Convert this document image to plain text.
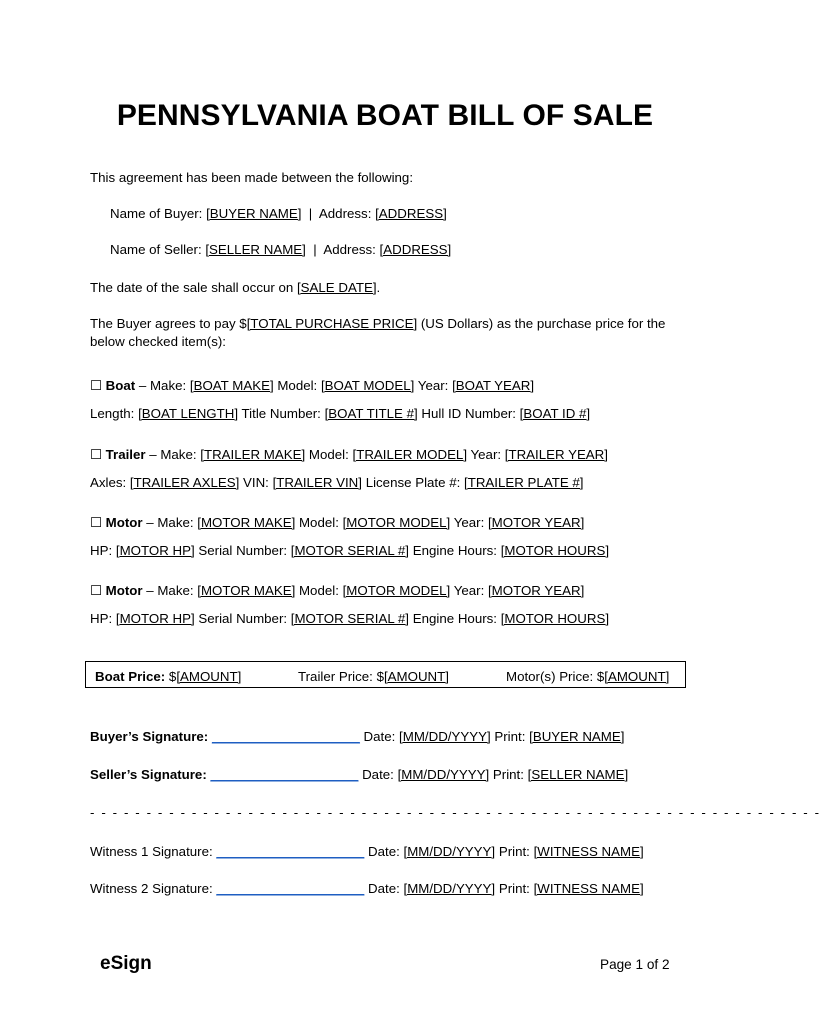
PENNSYLVANIA BOAT BILL OF SALE
This agreement has been made between the following:
Name of Buyer: [BUYER NAME] | Address: [ADDRESS]
Name of Seller: [SELLER NAME] | Address: [ADDRESS]
The date of the sale shall occur on [SALE DATE].
The Buyer agrees to pay $[TOTAL PURCHASE PRICE] (US Dollars) as the purchase price for the below checked item(s):
☐ Boat – Make: [BOAT MAKE] Model: [BOAT MODEL] Year: [BOAT YEAR]
Length: [BOAT LENGTH] Title Number: [BOAT TITLE #] Hull ID Number: [BOAT ID #]
☐ Trailer – Make: [TRAILER MAKE] Model: [TRAILER MODEL] Year: [TRAILER YEAR]
Axles: [TRAILER AXLES] VIN: [TRAILER VIN] License Plate #: [TRAILER PLATE #]
☐ Motor – Make: [MOTOR MAKE] Model: [MOTOR MODEL] Year: [MOTOR YEAR]
HP: [MOTOR HP] Serial Number: [MOTOR SERIAL #] Engine Hours: [MOTOR HOURS]
☐ Motor – Make: [MOTOR MAKE] Model: [MOTOR MODEL] Year: [MOTOR YEAR]
HP: [MOTOR HP] Serial Number: [MOTOR SERIAL #] Engine Hours: [MOTOR HOURS]
Boat Price: $[AMOUNT]	Trailer Price: $[AMOUNT]	Motor(s) Price: $[AMOUNT]
Buyer’s Signature: ____________________ Date: [MM/DD/YYYY] Print: [BUYER NAME]
Seller’s Signature: ____________________ Date: [MM/DD/YYYY] Print: [SELLER NAME]
- - - - - - - - - - - - - - - - - - - - - - - - - - - - - - - - - - - - - - - - - - - - - - - - - - - - - - - - - - - - - - - - -
Witness 1 Signature: ____________________ Date: [MM/DD/YYYY] Print: [WITNESS NAME]
Witness 2 Signature: ____________________ Date: [MM/DD/YYYY] Print: [WITNESS NAME]
eSign	Page 1 of 2
